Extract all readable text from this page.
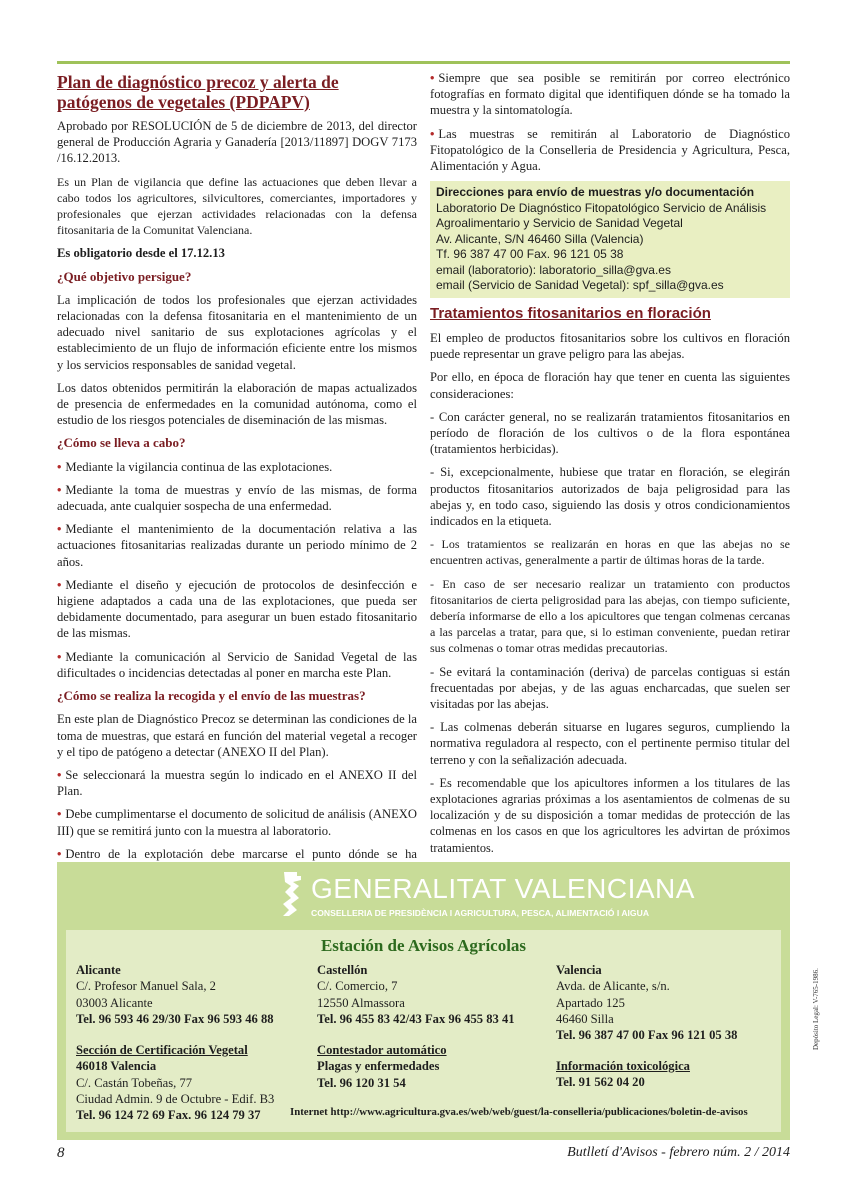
Plan de diagnóstico precoz y alerta de patógenos de vegetales (PDPAPV)

Aprobado por RESOLUCIÓN de 5 de diciembre de 2013, del director general de Producción Agraria y Ganadería [2013/11897] DOGV 7173 /16.12.2013.

Es un Plan de vigilancia que define las actuaciones que deben llevar a cabo todos los agricultores, silvicultores, comerciantes, importadores y profesionales que ejerzan actividades relacionadas con la defensa fitosanitaria de la Comunitat Valenciana.

Es obligatorio desde el 17.12.13

¿Qué objetivo persigue?

La implicación de todos los profesionales que ejerzan actividades relacionadas con la defensa fitosanitaria en el mantenimiento de un adecuado nivel sanitario de sus explotaciones agrícolas y el establecimiento de un flujo de información eficiente entre los mismos y los servicios responsables de sanidad vegetal.

Los datos obtenidos permitirán la elaboración de mapas actualizados de presencia de enfermedades en la comunidad autónoma, como el estudio de los riesgos potenciales de diseminación de las mismas.

¿Cómo se lleva a cabo?

• Mediante la vigilancia continua de las explotaciones.

• Mediante la toma de muestras y envío de las mismas, de forma adecuada, ante cualquier sospecha de una enfermedad.

• Mediante el mantenimiento de la documentación relativa a las actuaciones fitosanitarias realizadas durante un periodo mínimo de 2 años.

• Mediante el diseño y ejecución de protocolos de desinfección e higiene adaptados a cada una de las explotaciones, que pueda ser debidamente documentado, para asegurar un buen estado fitosanitario de las mismas.

• Mediante la comunicación al Servicio de Sanidad Vegetal de las dificultades o incidencias detectadas al poner en marcha este Plan.

¿Cómo se realiza la recogida y el envío de las muestras?

En este plan de Diagnóstico Precoz se determinan las condiciones de la toma de muestras, que estará en función del material vegetal a recoger y el tipo de patógeno a detectar (ANEXO II del Plan).

• Se seleccionará la muestra según lo indicado en el ANEXO II del Plan.

• Debe cumplimentarse el documento de solicitud de análisis (ANEXO III) que se remitirá junto con la muestra al laboratorio.

• Dentro de la explotación debe marcarse el punto dónde se ha

• Siempre que sea posible se remitirán por correo electrónico fotografías en formato digital que identifiquen dónde se ha tomado la muestra y la sintomatología.

• Las muestras se remitirán al Laboratorio de Diagnóstico Fitopatológico de la Conselleria de Presidencia y Agricultura, Pesca, Alimentación y Agua.

Direcciones para envío de muestras y/o documentación
Laboratorio De Diagnóstico Fitopatológico Servicio de Análisis Agroalimentario y Servicio de Sanidad Vegetal
Av. Alicante, S/N 46460 Silla (Valencia)
Tf. 96 387 47 00 Fax. 96 121 05 38
email (laboratorio): laboratorio_silla@gva.es
email (Servicio de Sanidad Vegetal): spf_silla@gva.es
Tratamientos fitosanitarios en floración

El empleo de productos fitosanitarios sobre los cultivos en floración puede representar un grave peligro para las abejas.

Por ello, en época de floración hay que tener en cuenta las siguientes consideraciones:

- Con carácter general, no se realizarán tratamientos fitosanitarios en período de floración de los cultivos o de la flora espontánea (tratamientos herbicidas).

- Si, excepcionalmente, hubiese que tratar en floración, se elegirán productos fitosanitarios autorizados de baja peligrosidad para las abejas y, en todo caso, siguiendo las dosis y otros condicionamientos indicados en la etiqueta.

- Los tratamientos se realizarán en horas en que las abejas no se encuentren activas, generalmente a partir de últimas horas de la tarde.

- En caso de ser necesario realizar un tratamiento con productos fitosanitarios de cierta peligrosidad para las abejas, con tiempo suficiente, debería informarse de ello a los apicultores que tengan colmenas cercanas a las parcelas a tratar, para que, si lo estiman conveniente, puedan retirar sus colmenas o tomar otras medidas precautorias.

- Se evitará la contaminación (deriva) de parcelas contiguas si están frecuentadas por abejas, y de las aguas encharcadas, que suelen ser visitadas por las abejas.

- Las colmenas deberán situarse en lugares seguros, cumpliendo la normativa reguladora al respecto, con el pertinente permiso titular del terreno y con la señalización adecuada.

- Es recomendable que los apicultores informen a los titulares de las explotaciones agrarias próximas a los asentamientos de colmenas de su localización y de su disposición a tomar medidas de protección de las colmenas en los casos en que los agricultores les advirtan de próximos tratamientos.

GENERALITAT VALENCIANA
CONSELLERIA DE PRESIDÈNCIA I AGRICULTURA, PESCA, ALIMENTACIÓ I AIGUA
Estación de Avisos Agrícolas
Alicante
C/. Profesor Manuel Sala, 2
03003 Alicante
Tel. 96 593 46 29/30 Fax 96 593 46 88
Castellón
C/. Comercio, 7
12550 Almassora
Tel. 96 455 83 42/43 Fax 96 455 83 41
Valencia
Avda. de Alicante, s/n.
Apartado 125
46460 Silla
Tel. 96 387 47 00 Fax 96 121 05 38
Sección de Certificación Vegetal
46018 Valencia
C/. Castán Tobeñas, 77
Ciudad Admin. 9 de Octubre - Edif. B3
Tel. 96 124 72 69 Fax. 96 124 79 37
Contestador automático
Plagas y enfermedades
Tel. 96 120 31 54
Información toxicológica
Tel. 91 562 04 20
Internet http://www.agricultura.gva.es/web/web/guest/la-conselleria/publicaciones/boletin-de-avisos
8	Butlletí d'Avisos - febrero núm. 2 / 2014
Depósito Legal: V-765-1986.
